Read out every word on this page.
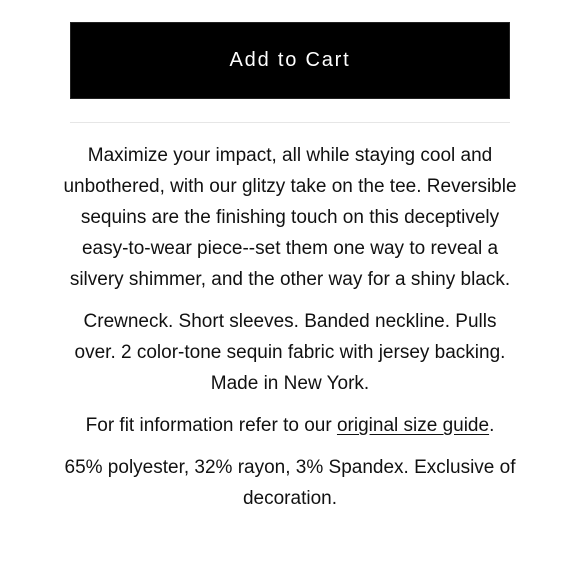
Add to Cart

Maximize your impact, all while staying cool and unbothered, with our glitzy take on the tee. Reversible sequins are the finishing touch on this deceptively easy-to-wear piece--set them one way to reveal a silvery shimmer, and the other way for a shiny black.

Crewneck. Short sleeves. Banded neckline. Pulls over. 2 color-tone sequin fabric with jersey backing. Made in New York.

For fit information refer to our original size guide.

65% polyester, 32% rayon, 3% Spandex. Exclusive of decoration.
